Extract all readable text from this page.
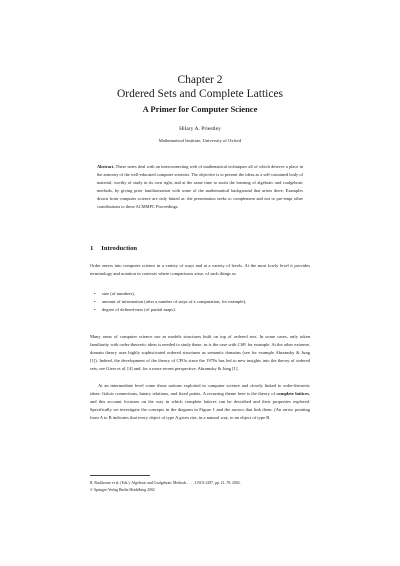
Chapter 2
Ordered Sets and Complete Lattices
A Primer for Computer Science
Hilary A. Priestley
Mathematical Institute, University of Oxford
Abstract. These notes deal with an interconnecting web of mathematical techniques all of which deserve a place in the armoury of the well-educated computer scientist. The objective is to present the ideas as a self-contained body of material, worthy of study in its own right, and at the same time to assist the learning of algebraic and coalgebraic methods, by giving prior familiarization with some of the mathematical background that arises there. Examples drawn from computer science are only hinted at: the presentation seeks to complement and not to pre-empt other contributions to these ACMMPC Proceedings.
1 Introduction
Order enters into computer science in a variety of ways and at a variety of levels. At the most lowly level it provides terminology and notation in contexts where comparisons arise, of such things as
• size (of numbers),
• amount of information (after a number of steps of a computation, for example),
• degree of defined-ness (of partial maps).
Many areas of computer science use as models structures built on top of ordered sets. In some cases, only token familiarity with order-theoretic ideas is needed to study these, as is the case with CSP, for example. At the other extreme, domain theory uses highly sophisticated ordered structures as semantic domains (see for example Abramsky & Jung [1]). Indeed, the development of the theory of CPOs since the 1970s has led to new insights into the theory of ordered sets; see Gierz et al. [4] and, for a more recent perspective, Abramsky & Jung [1].
At an intermediate level come those notions exploited in computer science and closely linked to order-theoretic ideas: Galois connections, binary relations, and fixed points. A recurring theme here is the theory of complete lattices, and this account focusses on the way in which complete lattices can be described and their properties explored. Specifically we investigate the concepts in the diagram in Figure 1 and the arrows that link them. (An arrow pointing from A to B indicates that every object of type A gives rise, in a natural way, to an object of type B.
R. Backhouse et al. (Eds.): Algebraic and Coalgebraic Methods . . . , LNCS 2297, pp. 21–78, 2002.
© Springer-Verlag Berlin Heidelberg 2002
